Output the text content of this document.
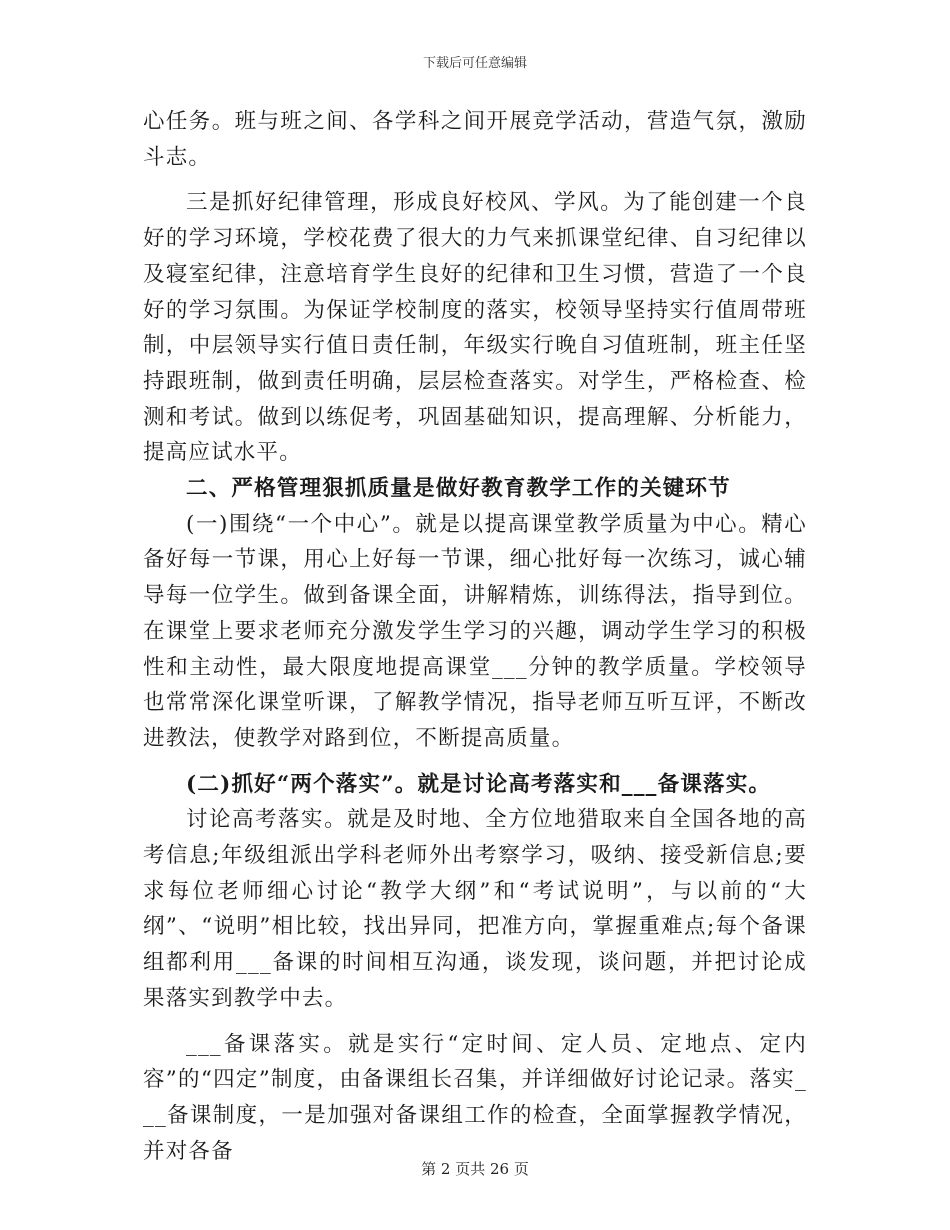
下载后可任意编辑

心任务。班与班之间、各学科之间开展竞学活动，营造气氛，激励斗志。

三是抓好纪律管理，形成良好校风、学风。为了能创建一个良好的学习环境，学校花费了很大的力气来抓课堂纪律、自习纪律以及寝室纪律，注意培育学生良好的纪律和卫生习惯，营造了一个良好的学习氛围。为保证学校制度的落实，校领导坚持实行值周带班制，中层领导实行值日责任制，年级实行晚自习值班制，班主任坚持跟班制，做到责任明确，层层检查落实。对学生，严格检查、检测和考试。做到以练促考，巩固基础知识，提高理解、分析能力，提高应试水平。

二、严格管理狠抓质量是做好教育教学工作的关键环节

(一)围绕“一个中心”。就是以提高课堂教学质量为中心。精心备好每一节课，用心上好每一节课，细心批好每一次练习，诚心辅导每一位学生。做到备课全面，讲解精炼，训练得法，指导到位。在课堂上要求老师充分激发学生学习的兴趣，调动学生学习的积极性和主动性，最大限度地提高课堂___分钟的教学质量。学校领导也常常深化课堂听课，了解教学情况，指导老师互听互评，不断改进教法，使教学对路到位，不断提高质量。

(二)抓好“两个落实”。就是讨论高考落实和___备课落实。

讨论高考落实。就是及时地、全方位地猎取来自全国各地的高考信息;年级组派出学科老师外出考察学习，吸纳、接受新信息;要求每位老师细心讨论“教学大纲”和“考试说明”，与以前的“大纲”、“说明”相比较，找出异同，把准方向，掌握重难点;每个备课组都利用___备课的时间相互沟通，谈发现，谈问题，并把讨论成果落实到教学中去。

___备课落实。就是实行“定时间、定人员、定地点、定内容”的“四定”制度，由备课组长召集，并详细做好讨论记录。落实___备课制度，一是加强对备课组工作的检查，全面掌握教学情况，并对各备

第 2 页共 26 页
